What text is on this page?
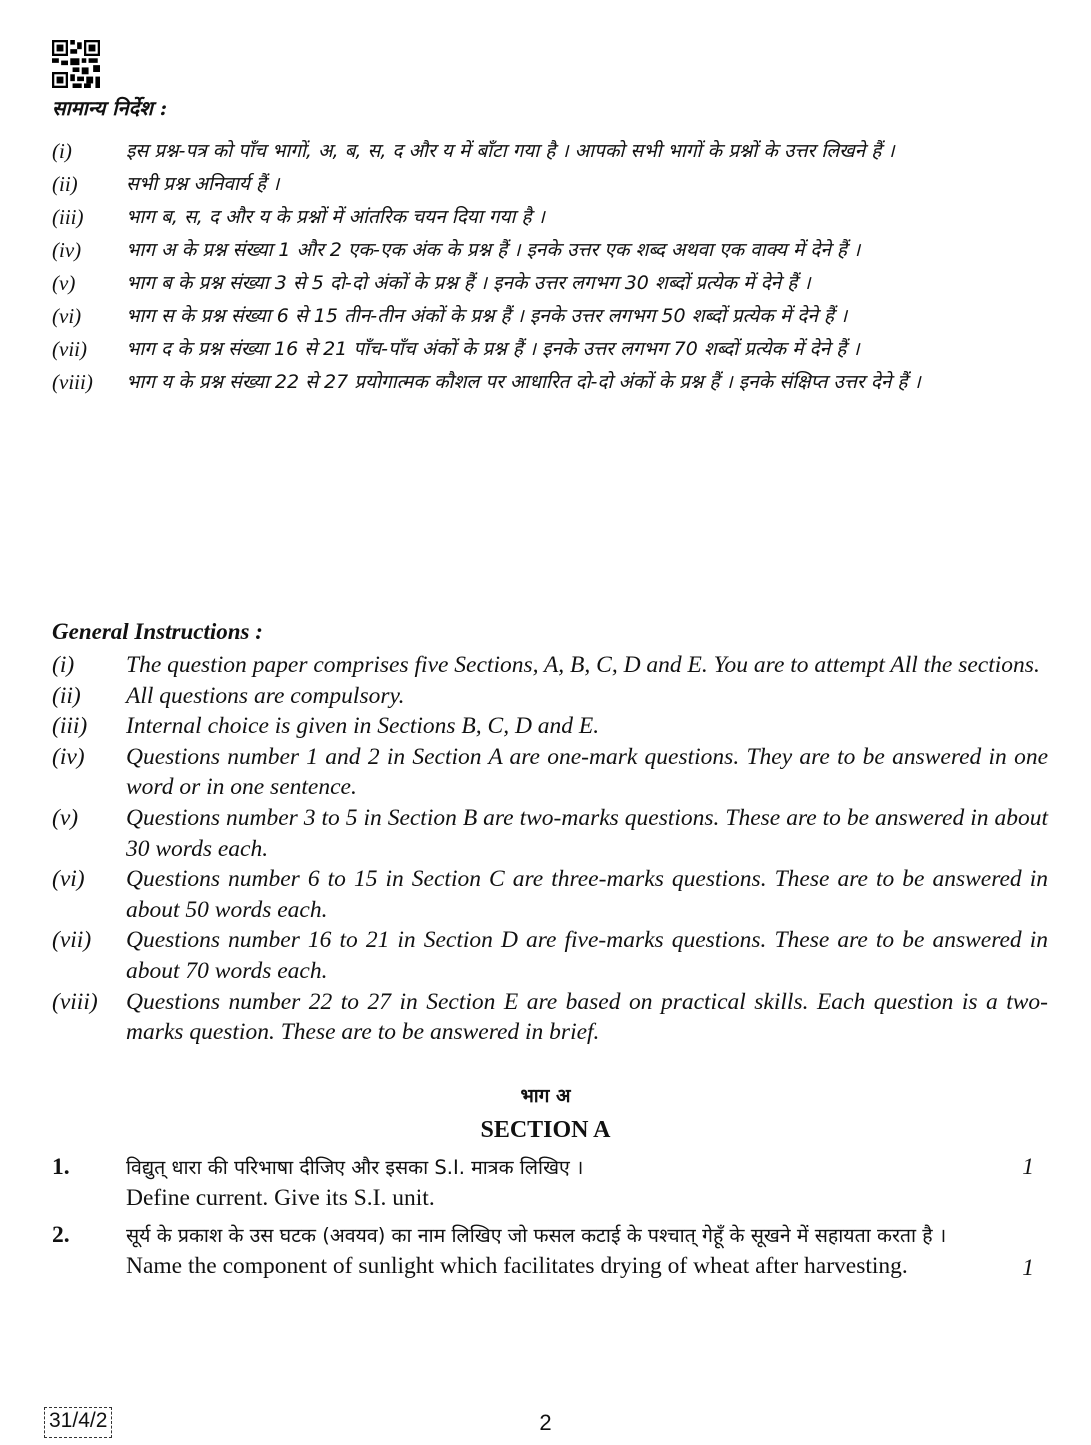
सामान्य निर्देश :
(i)	इस प्रश्न-पत्र को पाँच भागों, अ, ब, स, द और य में बाँटा गया है । आपको सभी भागों के प्रश्नों के उत्तर लिखने हैं ।
(ii)	सभी प्रश्न अनिवार्य हैं ।
(iii) भाग ब, स, द और य के प्रश्नों में आंतरिक चयन दिया गया है ।
(iv) भाग अ के प्रश्न संख्या 1 और 2 एक-एक अंक के प्रश्न हैं । इनके उत्तर एक शब्द अथवा एक वाक्य में देने हैं ।
(v)	भाग ब के प्रश्न संख्या 3 से 5 दो-दो अंकों के प्रश्न हैं । इनके उत्तर लगभग 30 शब्दों प्रत्येक में देने हैं ।
(vi) भाग स के प्रश्न संख्या 6 से 15 तीन-तीन अंकों के प्रश्न हैं । इनके उत्तर लगभग 50 शब्दों प्रत्येक में देने हैं ।
(vii) भाग द के प्रश्न संख्या 16 से 21 पाँच-पाँच अंकों के प्रश्न हैं । इनके उत्तर लगभग 70 शब्दों प्रत्येक में देने हैं ।
(viii) भाग य के प्रश्न संख्या 22 से 27 प्रयोगात्मक कौशल पर आधारित दो-दो अंकों के प्रश्न हैं । इनके संक्षिप्त उत्तर देने हैं ।
General Instructions :
(i) The question paper comprises five Sections, A, B, C, D and E. You are to attempt All the sections.
(ii) All questions are compulsory.
(iii) Internal choice is given in Sections B, C, D and E.
(iv) Questions number 1 and 2 in Section A are one-mark questions. They are to be answered in one word or in one sentence.
(v) Questions number 3 to 5 in Section B are two-marks questions. These are to be answered in about 30 words each.
(vi) Questions number 6 to 15 in Section C are three-marks questions. These are to be answered in about 50 words each.
(vii) Questions number 16 to 21 in Section D are five-marks questions. These are to be answered in about 70 words each.
(viii) Questions number 22 to 27 in Section E are based on practical skills. Each question is a two-marks question. These are to be answered in brief.
भाग अ
SECTION A
1.	विद्युत् धारा की परिभाषा दीजिए और इसका S.I. मात्रक लिखिए ।
Define current. Give its S.I. unit.
1
2.	सूर्य के प्रकाश के उस घटक (अवयव) का नाम लिखिए जो फसल कटाई के पश्चात् गेहूँ के सूखने में सहायता करता है ।
Name the component of sunlight which facilitates drying of wheat after harvesting.	1
31/4/2	2
